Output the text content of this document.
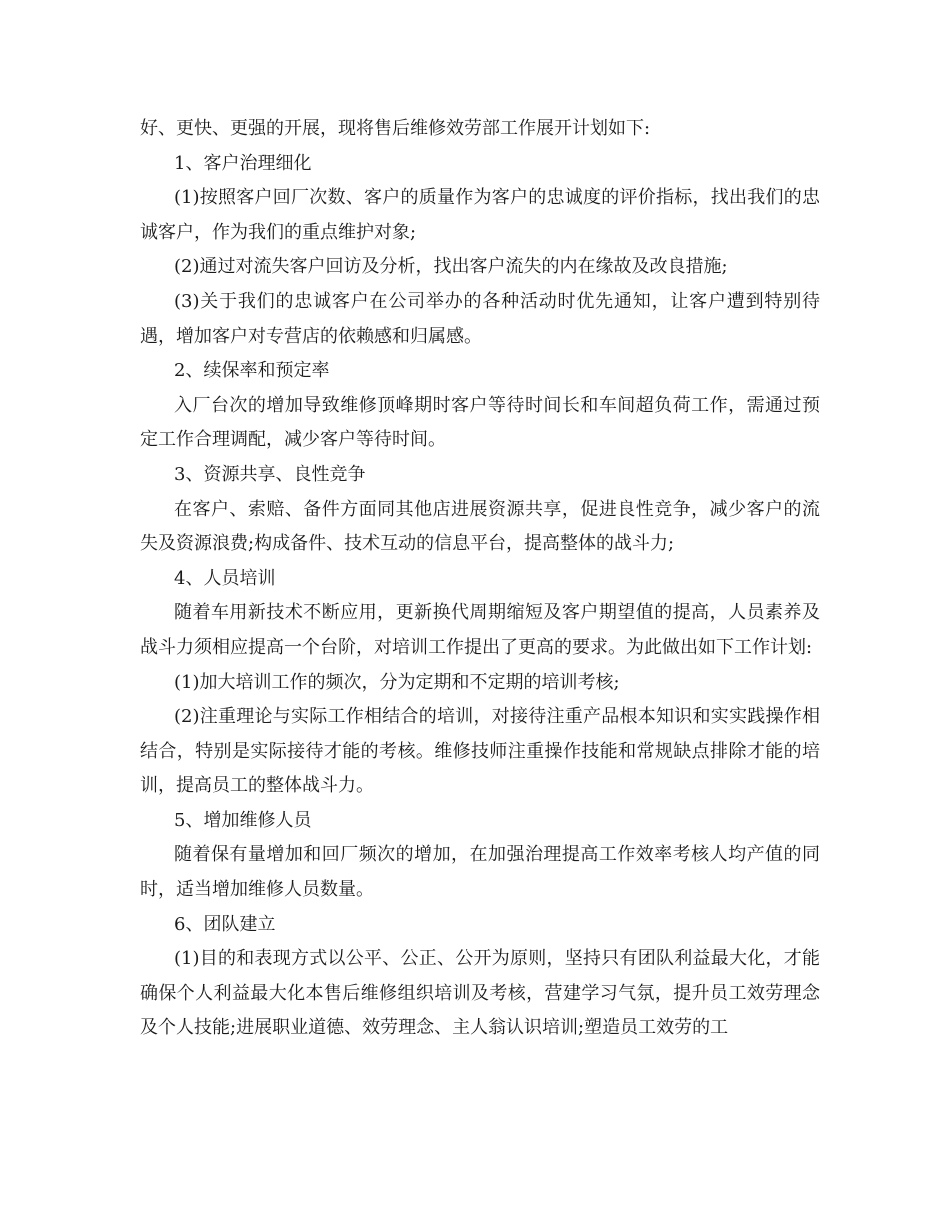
好、更快、更强的开展，现将售后维修效劳部工作展开计划如下:

1、客户治理细化

(1)按照客户回厂次数、客户的质量作为客户的忠诚度的评价指标，找出我们的忠诚客户，作为我们的重点维护对象;

(2)通过对流失客户回访及分析，找出客户流失的内在缘故及改良措施;

(3)关于我们的忠诚客户在公司举办的各种活动时优先通知，让客户遭到特别待遇，增加客户对专营店的依赖感和归属感。

2、续保率和预定率

入厂台次的增加导致维修顶峰期时客户等待时间长和车间超负荷工作，需通过预定工作合理调配，减少客户等待时间。

3、资源共享、良性竞争

在客户、索赔、备件方面同其他店进展资源共享，促进良性竞争，减少客户的流失及资源浪费;构成备件、技术互动的信息平台，提高整体的战斗力;

4、人员培训

随着车用新技术不断应用，更新换代周期缩短及客户期望值的提高，人员素养及战斗力须相应提高一个台阶，对培训工作提出了更高的要求。为此做出如下工作计划:

(1)加大培训工作的频次，分为定期和不定期的培训考核;

(2)注重理论与实际工作相结合的培训，对接待注重产品根本知识和实实践操作相结合，特别是实际接待才能的考核。维修技师注重操作技能和常规缺点排除才能的培训，提高员工的整体战斗力。

5、增加维修人员

随着保有量增加和回厂频次的增加，在加强治理提高工作效率考核人均产值的同时，适当增加维修人员数量。

6、团队建立

(1)目的和表现方式以公平、公正、公开为原则，坚持只有团队利益最大化，才能确保个人利益最大化本售后维修组织培训及考核，营建学习气氛，提升员工效劳理念及个人技能;进展职业道德、效劳理念、主人翁认识培训;塑造员工效劳的工
